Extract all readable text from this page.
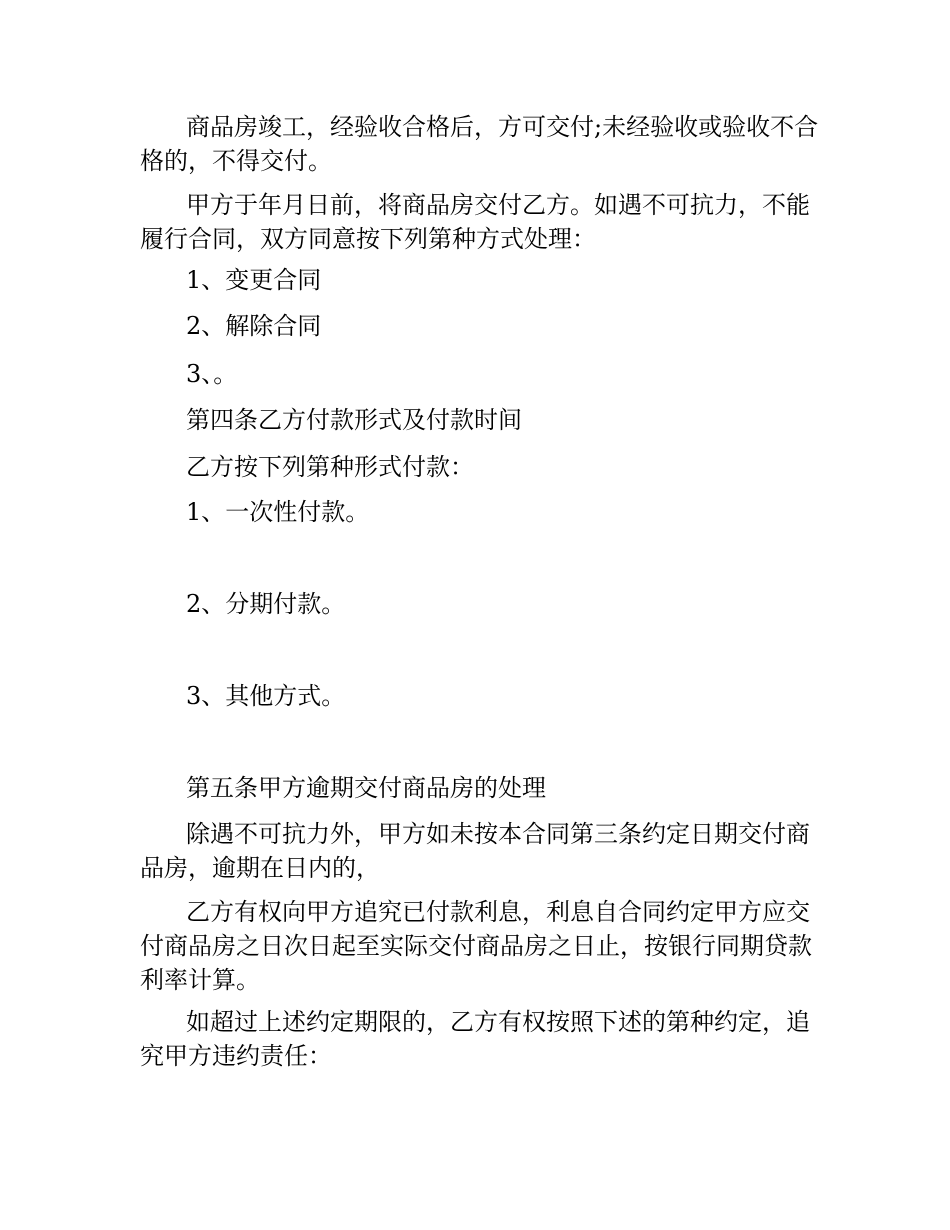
商品房竣工，经验收合格后，方可交付;未经验收或验收不合格的，不得交付。

甲方于年月日前，将商品房交付乙方。如遇不可抗力，不能履行合同，双方同意按下列第种方式处理：

1、变更合同

2、解除合同

3、。

第四条乙方付款形式及付款时间

乙方按下列第种形式付款：

1、一次性付款。

2、分期付款。

3、其他方式。

第五条甲方逾期交付商品房的处理

除遇不可抗力外，甲方如未按本合同第三条约定日期交付商品房，逾期在日内的，

乙方有权向甲方追究已付款利息，利息自合同约定甲方应交付商品房之日次日起至实际交付商品房之日止，按银行同期贷款利率计算。

如超过上述约定期限的，乙方有权按照下述的第种约定，追究甲方违约责任：
